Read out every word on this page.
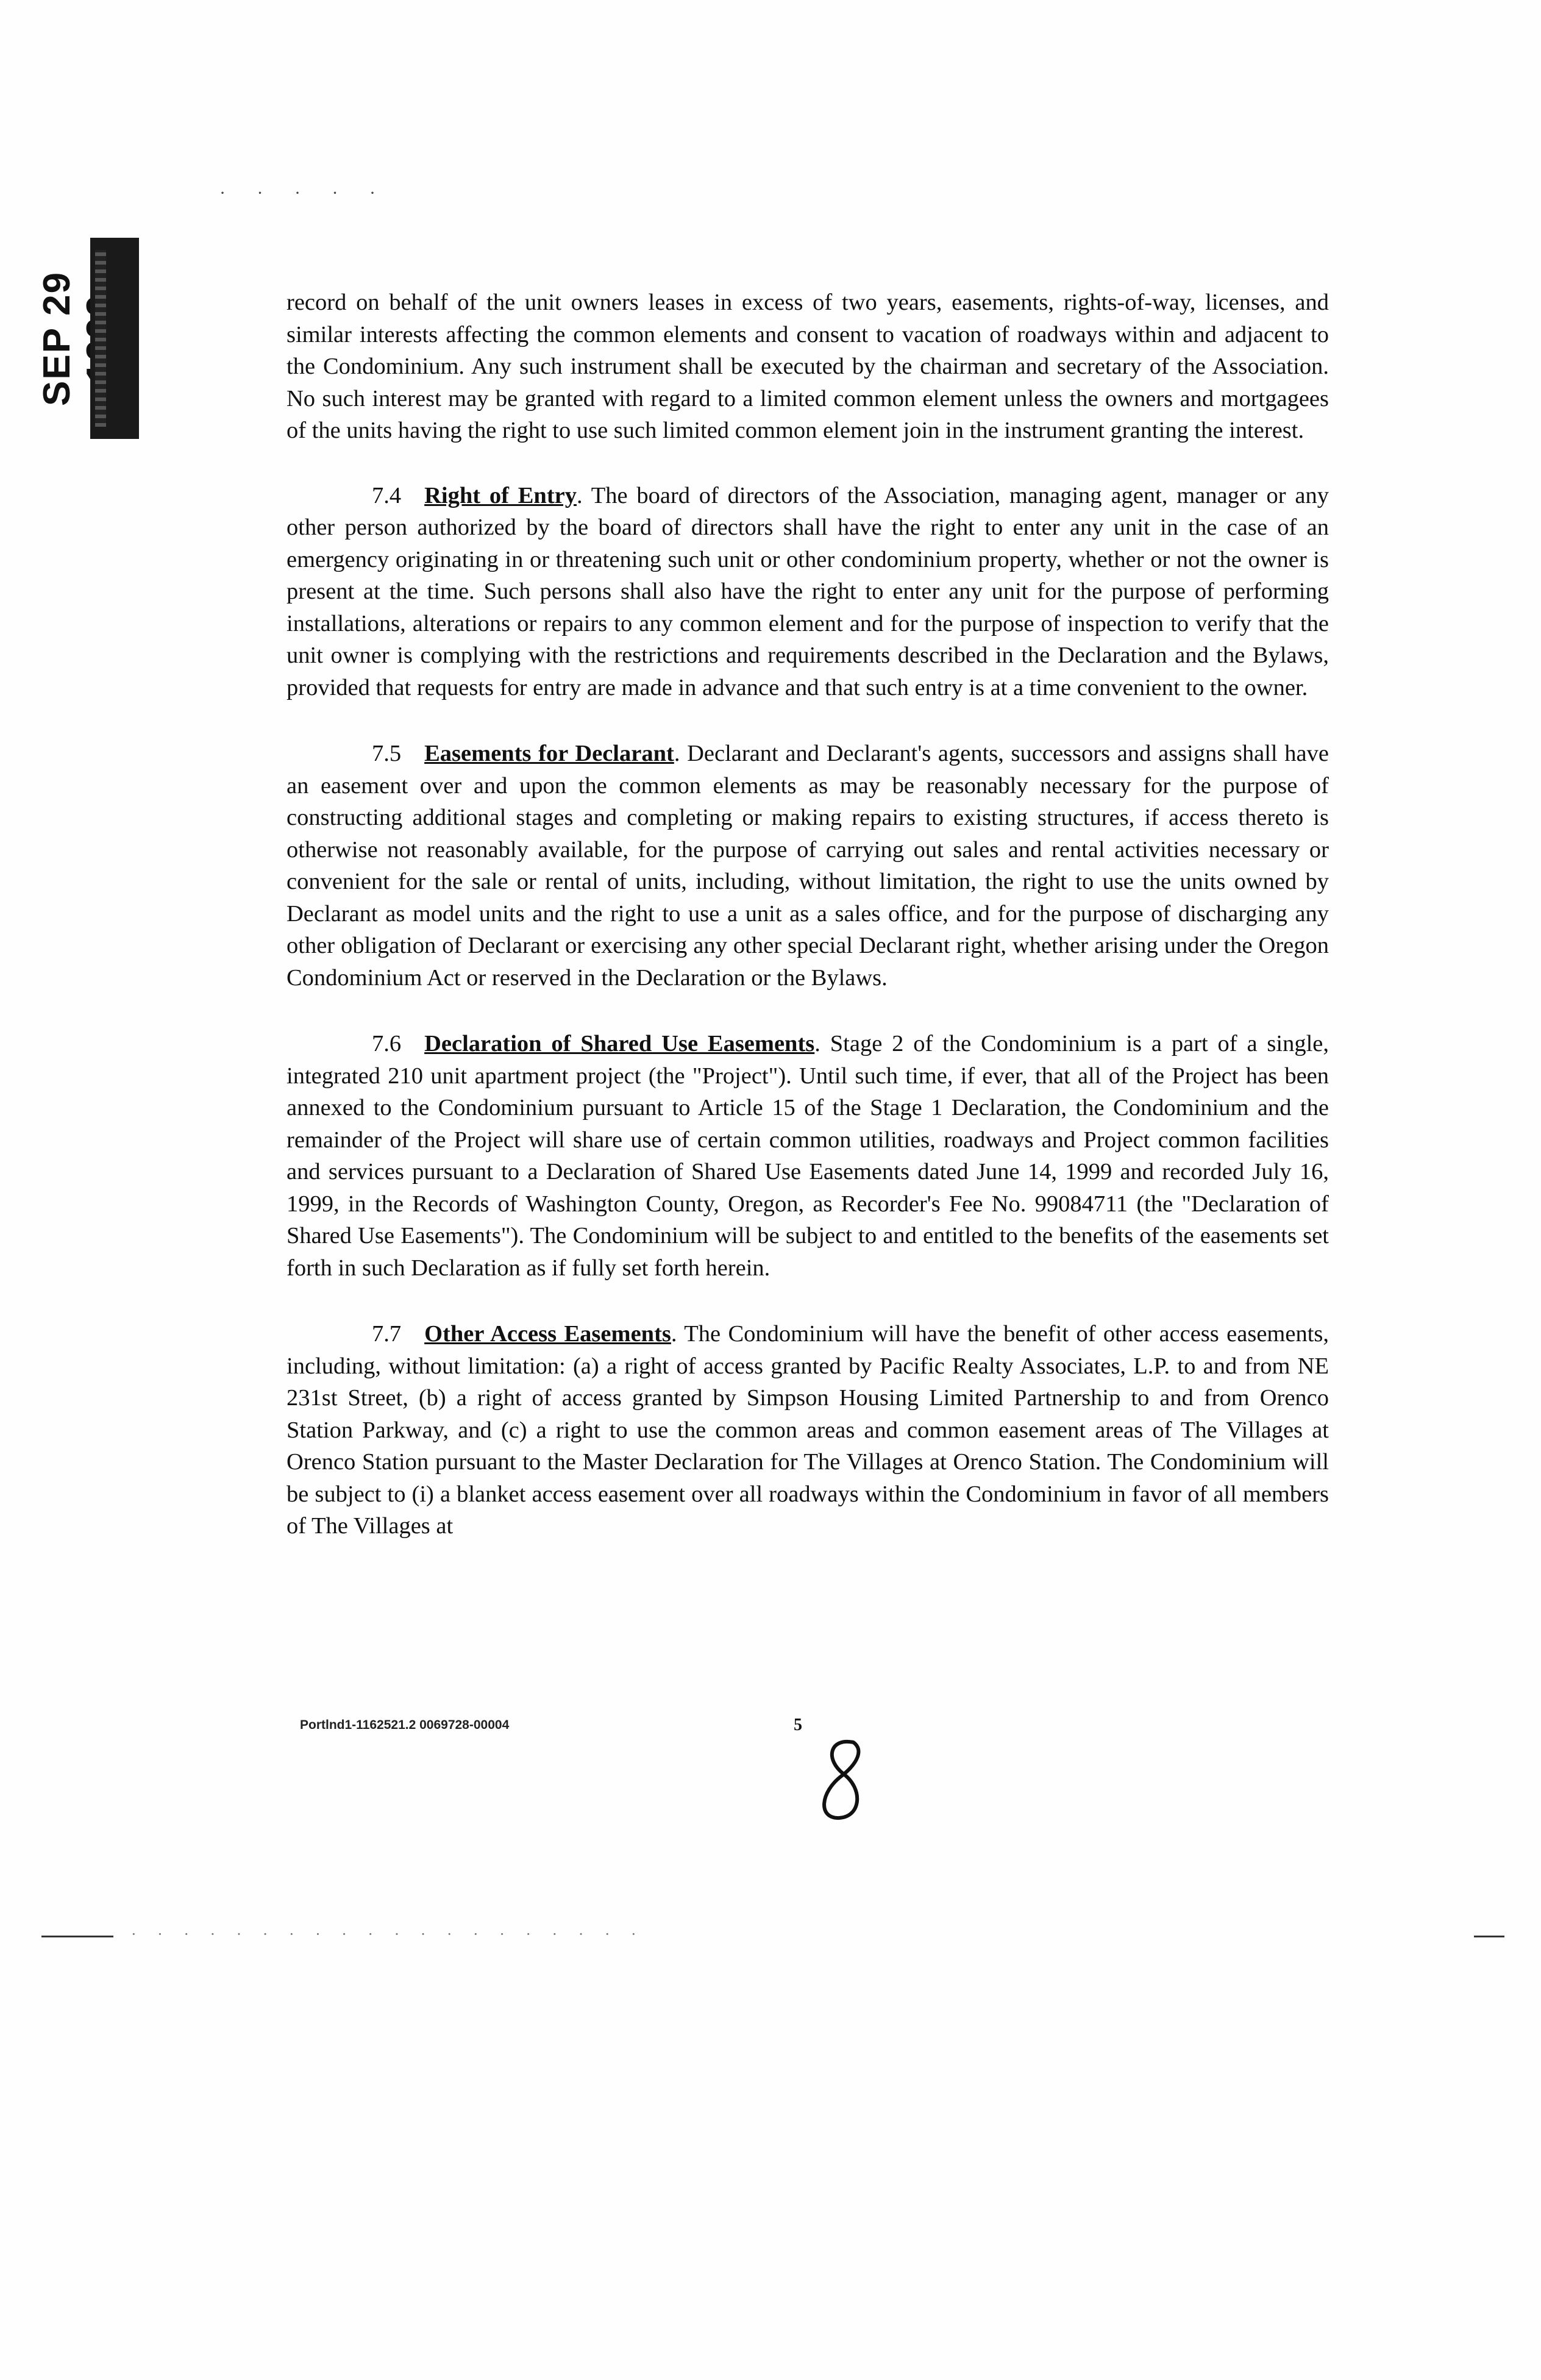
SEP 29
· · · · ·

record on behalf of the unit owners leases in excess of two years, easements, rights-of-way, licenses, and similar interests affecting the common elements and consent to vacation of roadways within and adjacent to the Condominium. Any such instrument shall be executed by the chairman and secretary of the Association. No such interest may be granted with regard to a limited common element unless the owners and mortgagees of the units having the right to use such limited common element join in the instrument granting the interest.

7.4 Right of Entry. The board of directors of the Association, managing agent, manager or any other person authorized by the board of directors shall have the right to enter any unit in the case of an emergency originating in or threatening such unit or other condominium property, whether or not the owner is present at the time. Such persons shall also have the right to enter any unit for the purpose of performing installations, alterations or repairs to any common element and for the purpose of inspection to verify that the unit owner is complying with the restrictions and requirements described in the Declaration and the Bylaws, provided that requests for entry are made in advance and that such entry is at a time convenient to the owner.

7.5 Easements for Declarant. Declarant and Declarant's agents, successors and assigns shall have an easement over and upon the common elements as may be reasonably necessary for the purpose of constructing additional stages and completing or making repairs to existing structures, if access thereto is otherwise not reasonably available, for the purpose of carrying out sales and rental activities necessary or convenient for the sale or rental of units, including, without limitation, the right to use the units owned by Declarant as model units and the right to use a unit as a sales office, and for the purpose of discharging any other obligation of Declarant or exercising any other special Declarant right, whether arising under the Oregon Condominium Act or reserved in the Declaration or the Bylaws.

7.6 Declaration of Shared Use Easements. Stage 2 of the Condominium is a part of a single, integrated 210 unit apartment project (the "Project"). Until such time, if ever, that all of the Project has been annexed to the Condominium pursuant to Article 15 of the Stage 1 Declaration, the Condominium and the remainder of the Project will share use of certain common utilities, roadways and Project common facilities and services pursuant to a Declaration of Shared Use Easements dated June 14, 1999 and recorded July 16, 1999, in the Records of Washington County, Oregon, as Recorder's Fee No. 99084711 (the "Declaration of Shared Use Easements"). The Condominium will be subject to and entitled to the benefits of the easements set forth in such Declaration as if fully set forth herein.

7.7 Other Access Easements. The Condominium will have the benefit of other access easements, including, without limitation: (a) a right of access granted by Pacific Realty Associates, L.P. to and from NE 231st Street, (b) a right of access granted by Simpson Housing Limited Partnership to and from Orenco Station Parkway, and (c) a right to use the common areas and common easement areas of The Villages at Orenco Station pursuant to the Master Declaration for The Villages at Orenco Station. The Condominium will be subject to (i) a blanket access easement over all roadways within the Condominium in favor of all members of The Villages at

Portlnd1-1162521.2 0069728-00004	5
· · · · · · · · · · · · · · · · · · · ·
